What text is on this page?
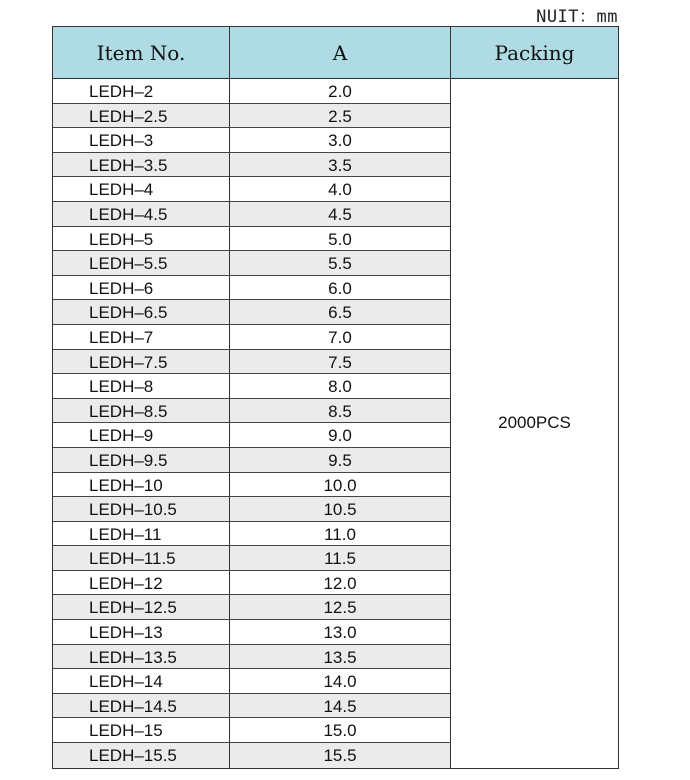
NUIT：mm
Item No.	A	Packing
LEDH–2	2.0
LEDH–2.5	2.5
LEDH–3	3.0
LEDH–3.5	3.5
LEDH–4	4.0
LEDH–4.5	4.5
LEDH–5	5.0
LEDH–5.5	5.5
LEDH–6	6.0
LEDH–6.5	6.5
LEDH–7	7.0
LEDH–7.5	7.5
LEDH–8	8.0
LEDH–8.5	8.5
LEDH–9	9.0
LEDH–9.5	9.5
LEDH–10	10.0
LEDH–10.5	10.5
LEDH–11	11.0
LEDH–11.5	11.5
LEDH–12	12.0
LEDH–12.5	12.5
LEDH–13	13.0
LEDH–13.5	13.5
LEDH–14	14.0
LEDH–14.5	14.5
LEDH–15	15.0
LEDH–15.5	15.5
2000PCS
